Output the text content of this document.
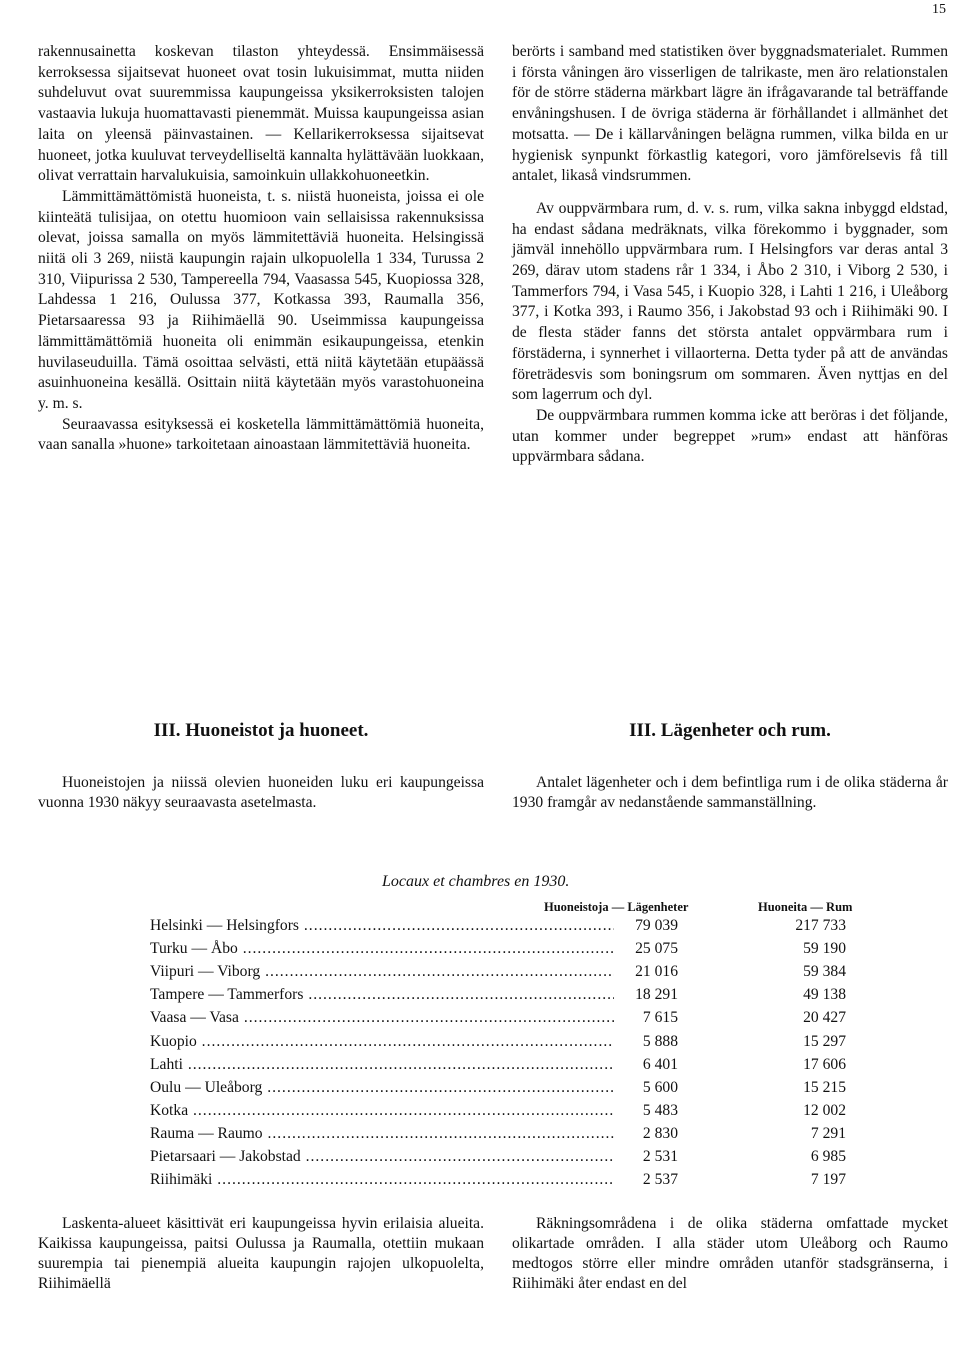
15

rakennusainetta koskevan tilaston yhteydessä. Ensimmäisessä kerroksessa sijaitsevat huoneet ovat tosin lukuisimmat, mutta niiden suhdeluvut ovat suuremmissa kaupungeissa yksikerroksisten talojen vastaavia lukuja huomattavasti pienemmät. Muissa kaupungeissa asian laita on yleensä päinvastainen. — Kellarikerroksessa sijaitsevat huoneet, jotka kuuluvat terveydelliseltä kannalta hylättävään luokkaan, olivat verrattain harvalukuisia, samoinkuin ullakkohuoneetkin.

Lämmittämättömistä huoneista, t. s. niistä huoneista, joissa ei ole kiinteätä tulisijaa, on otettu huomioon vain sellaisissa rakennuksissa olevat, joissa samalla on myös lämmitettäviä huoneita. Helsingissä niitä oli 3 269, niistä kaupungin rajain ulkopuolella 1 334, Turussa 2 310, Viipurissa 2 530, Tampereella 794, Vaasassa 545, Kuopiossa 328, Lahdessa 1 216, Oulussa 377, Kotkassa 393, Raumalla 356, Pietarsaaressa 93 ja Riihimäellä 90. Useimmissa kaupungeissa lämmittämättömiä huoneita oli enimmän esikaupungeissa, etenkin huvilaseuduilla. Tämä osoittaa selvästi, että niitä käytetään etupäässä asuinhuoneina kesällä. Osittain niitä käytetään myös varastohuoneina y. m. s.

Seuraavassa esityksessä ei kosketella lämmittämättömiä huoneita, vaan sanalla »huone» tarkoitetaan ainoastaan lämmitettäviä huoneita.

berörts i samband med statistiken över byggnadsmaterialet. Rummen i första våningen äro visserligen de talrikaste, men äro relationstalen för de större städerna märkbart lägre än ifrågavarande tal beträffande envåningshusen. I de övriga städerna är förhållandet i allmänhet det motsatta. — De i källarvåningen belägna rummen, vilka bilda en ur hygienisk synpunkt förkastlig kategori, voro jämförelsevis få till antalet, likaså vindsrummen.

Av ouppvärmbara rum, d. v. s. rum, vilka sakna inbyggd eldstad, ha endast sådana medräknats, vilka förekommo i byggnader, som jämväl innehöllo uppvärmbara rum. I Helsingfors var deras antal 3 269, därav utom stadens rår 1 334, i Åbo 2 310, i Viborg 2 530, i Tammerfors 794, i Vasa 545, i Kuopio 328, i Lahti 1 216, i Uleåborg 377, i Kotka 393, i Raumo 356, i Jakobstad 93 och i Riihimäki 90. I de flesta städer fanns det största antalet oppvärmbara rum i förstäderna, i synnerhet i villaorterna. Detta tyder på att de användas företrädesvis som boningsrum om sommaren. Även nyttjas en del som lagerrum och dyl.

De ouppvärmbara rummen komma icke att beröras i det följande, utan kommer under begreppet »rum» endast att hänföras uppvärmbara sådana.

III. Huoneistot ja huoneet.	III. Lägenheter och rum.

Huoneistojen ja niissä olevien huoneiden luku eri kaupungeissa vuonna 1930 näkyy seuraavasta asetelmasta.

Antalet lägenheter och i dem befintliga rum i de olika städerna år 1930 framgår av nedanstående sammanställning.

Locaux et chambres en 1930.
Huoneistoja — Lägenheter	Huoneita — Rum
Helsinki — Helsingfors .....	79 039	217 733
Turku — Åbo .....	25 075	59 190
Viipuri — Viborg .....	21 016	59 384
Tampere — Tammerfors .....	18 291	49 138
Vaasa — Vasa .....	7 615	20 427
Kuopio .....	5 888	15 297
Lahti .....	6 401	17 606
Oulu — Uleåborg .....	5 600	15 215
Kotka .....	5 483	12 002
Rauma — Raumo .....	2 830	7 291
Pietarsaari — Jakobstad .....	2 531	6 985
Riihimäki .....	2 537	7 197

Laskenta-alueet käsittivät eri kaupungeissa hyvin erilaisia alueita. Kaikissa kaupungeissa, paitsi Oulussa ja Raumalla, otettiin mukaan suurempia tai pienempiä alueita kaupungin rajojen ulkopuolelta, Riihimäellä

Räkningsområdena i de olika städerna omfattade mycket olikartade områden. I alla städer utom Uleåborg och Raumo medtogos större eller mindre områden utanför stadsgränserna, i Riihimäki åter endast en del
